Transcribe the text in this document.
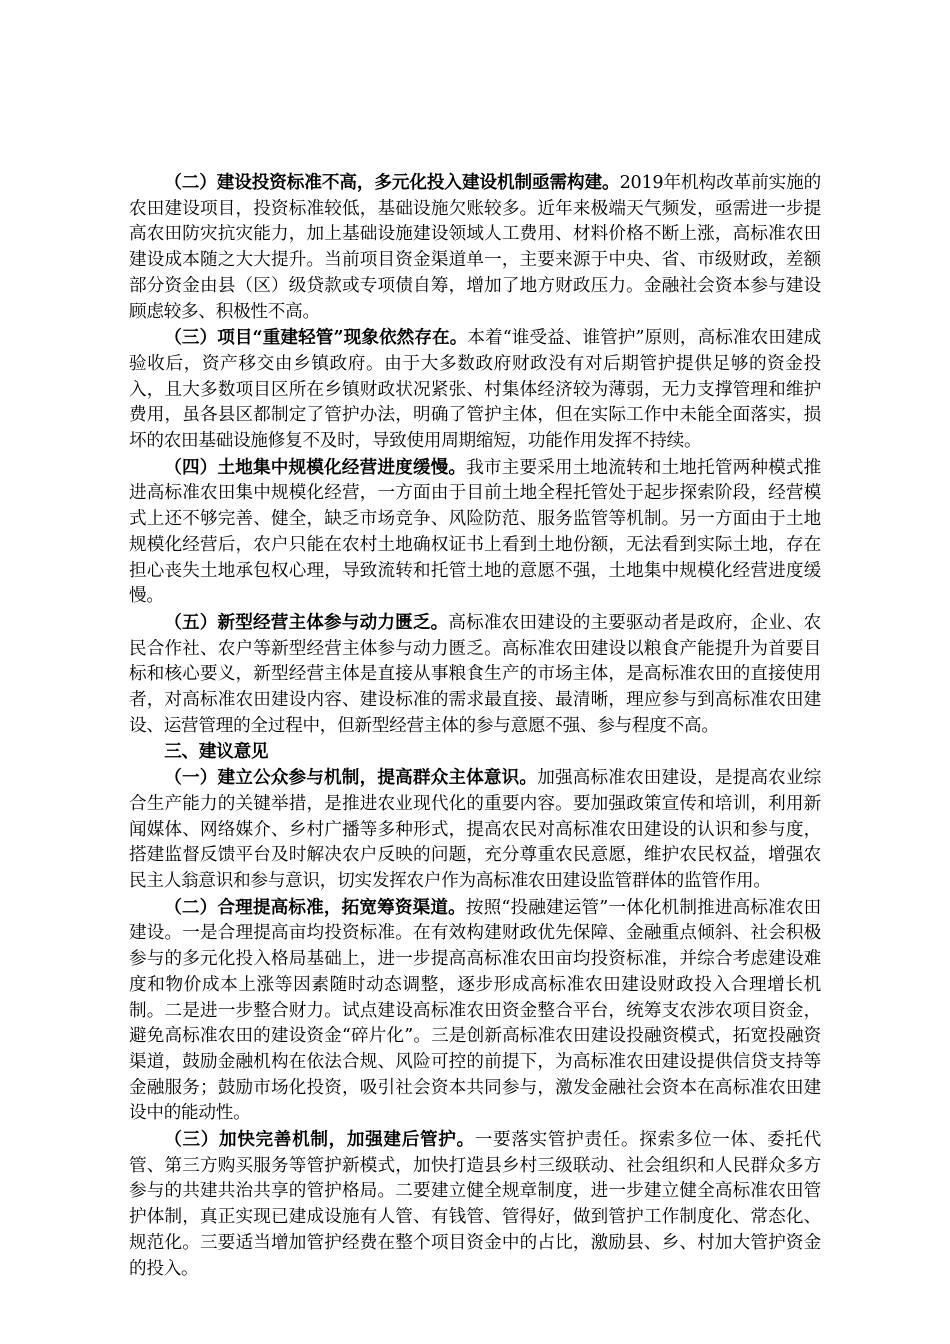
（二）建设投资标准不高，多元化投入建设机制亟需构建。2019年机构改革前实施的农田建设项目，投资标准较低，基础设施欠账较多。近年来极端天气频发，亟需进一步提高农田防灾抗灾能力，加上基础设施建设领域人工费用、材料价格不断上涨，高标准农田建设成本随之大大提升。当前项目资金渠道单一，主要来源于中央、省、市级财政，差额部分资金由县（区）级贷款或专项债自筹，增加了地方财政压力。金融社会资本参与建设顾虑较多、积极性不高。

（三）项目“重建轻管”现象依然存在。本着“谁受益、谁管护”原则，高标准农田建成验收后，资产移交由乡镇政府。由于大多数政府财政没有对后期管护提供足够的资金投入，且大多数项目区所在乡镇财政状况紧张、村集体经济较为薄弱，无力支撑管理和维护费用，虽各县区都制定了管护办法，明确了管护主体，但在实际工作中未能全面落实，损坏的农田基础设施修复不及时，导致使用周期缩短，功能作用发挥不持续。

（四）土地集中规模化经营进度缓慢。我市主要采用土地流转和土地托管两种模式推进高标准农田集中规模化经营，一方面由于目前土地全程托管处于起步探索阶段，经营模式上还不够完善、健全，缺乏市场竞争、风险防范、服务监管等机制。另一方面由于土地规模化经营后，农户只能在农村土地确权证书上看到土地份额，无法看到实际土地，存在担心丧失土地承包权心理，导致流转和托管土地的意愿不强，土地集中规模化经营进度缓慢。

（五）新型经营主体参与动力匮乏。高标准农田建设的主要驱动者是政府，企业、农民合作社、农户等新型经营主体参与动力匮乏。高标准农田建设以粮食产能提升为首要目标和核心要义，新型经营主体是直接从事粮食生产的市场主体，是高标准农田的直接使用者，对高标准农田建设内容、建设标准的需求最直接、最清晰，理应参与到高标准农田建设、运营管理的全过程中，但新型经营主体的参与意愿不强、参与程度不高。

三、建议意见

（一）建立公众参与机制，提高群众主体意识。加强高标准农田建设，是提高农业综合生产能力的关键举措，是推进农业现代化的重要内容。要加强政策宣传和培训，利用新闻媒体、网络媒介、乡村广播等多种形式，提高农民对高标准农田建设的认识和参与度，搭建监督反馈平台及时解决农户反映的问题，充分尊重农民意愿，维护农民权益，增强农民主人翁意识和参与意识，切实发挥农户作为高标准农田建设监管群体的监管作用。

（二）合理提高标准，拓宽筹资渠道。按照“投融建运管”一体化机制推进高标准农田建设。一是合理提高亩均投资标准。在有效构建财政优先保障、金融重点倾斜、社会积极参与的多元化投入格局基础上，进一步提高高标准农田亩均投资标准，并综合考虑建设难度和物价成本上涨等因素随时动态调整，逐步形成高标准农田建设财政投入合理增长机制。二是进一步整合财力。试点建设高标准农田资金整合平台，统筹支农涉农项目资金，避免高标准农田的建设资金“碎片化”。三是创新高标准农田建设投融资模式，拓宽投融资渠道，鼓励金融机构在依法合规、风险可控的前提下，为高标准农田建设提供信贷支持等金融服务；鼓励市场化投资，吸引社会资本共同参与，激发金融社会资本在高标准农田建设中的能动性。

（三）加快完善机制，加强建后管护。一要落实管护责任。探索多位一体、委托代管、第三方购买服务等管护新模式，加快打造县乡村三级联动、社会组织和人民群众多方参与的共建共治共享的管护格局。二要建立健全规章制度，进一步建立健全高标准农田管护体制，真正实现已建成设施有人管、有钱管、管得好，做到管护工作制度化、常态化、规范化。三要适当增加管护经费在整个项目资金中的占比，激励县、乡、村加大管护资金的投入。
